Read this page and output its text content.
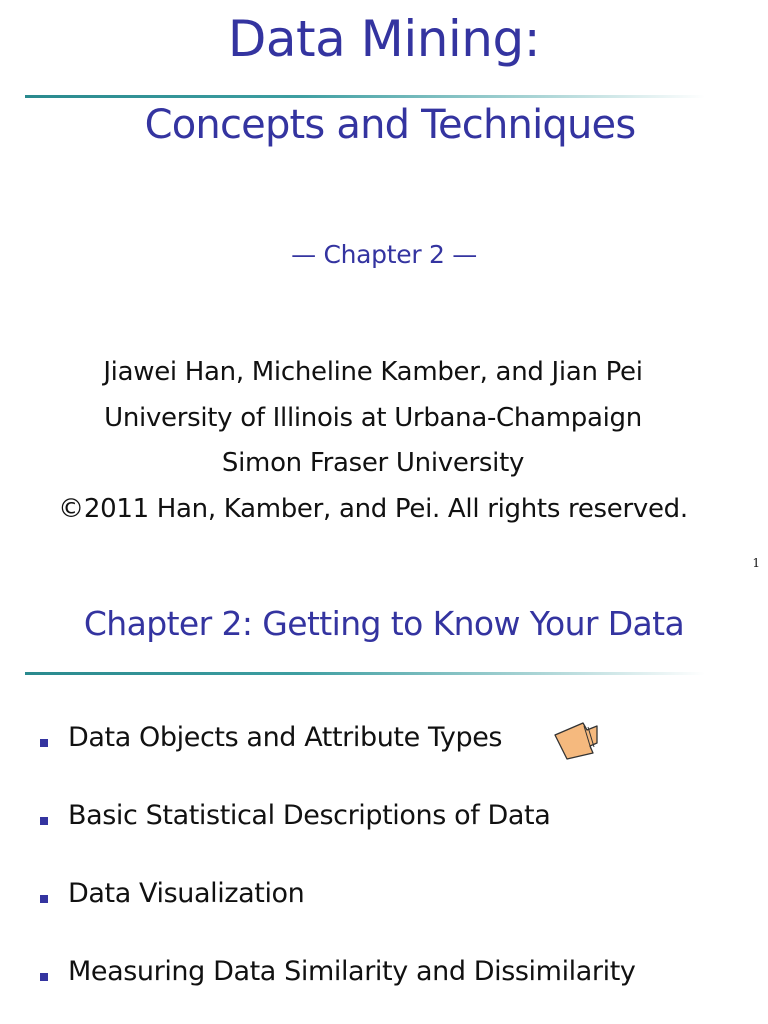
Data Mining:
Concepts and Techniques
— Chapter 2 —
Jiawei Han, Micheline Kamber, and Jian Pei
University of Illinois at Urbana-Champaign
Simon Fraser University
©2011 Han, Kamber, and Pei. All rights reserved.
1
Chapter 2: Getting to Know Your Data
Data Objects and Attribute Types
Basic Statistical Descriptions of Data
Data Visualization
Measuring Data Similarity and Dissimilarity
